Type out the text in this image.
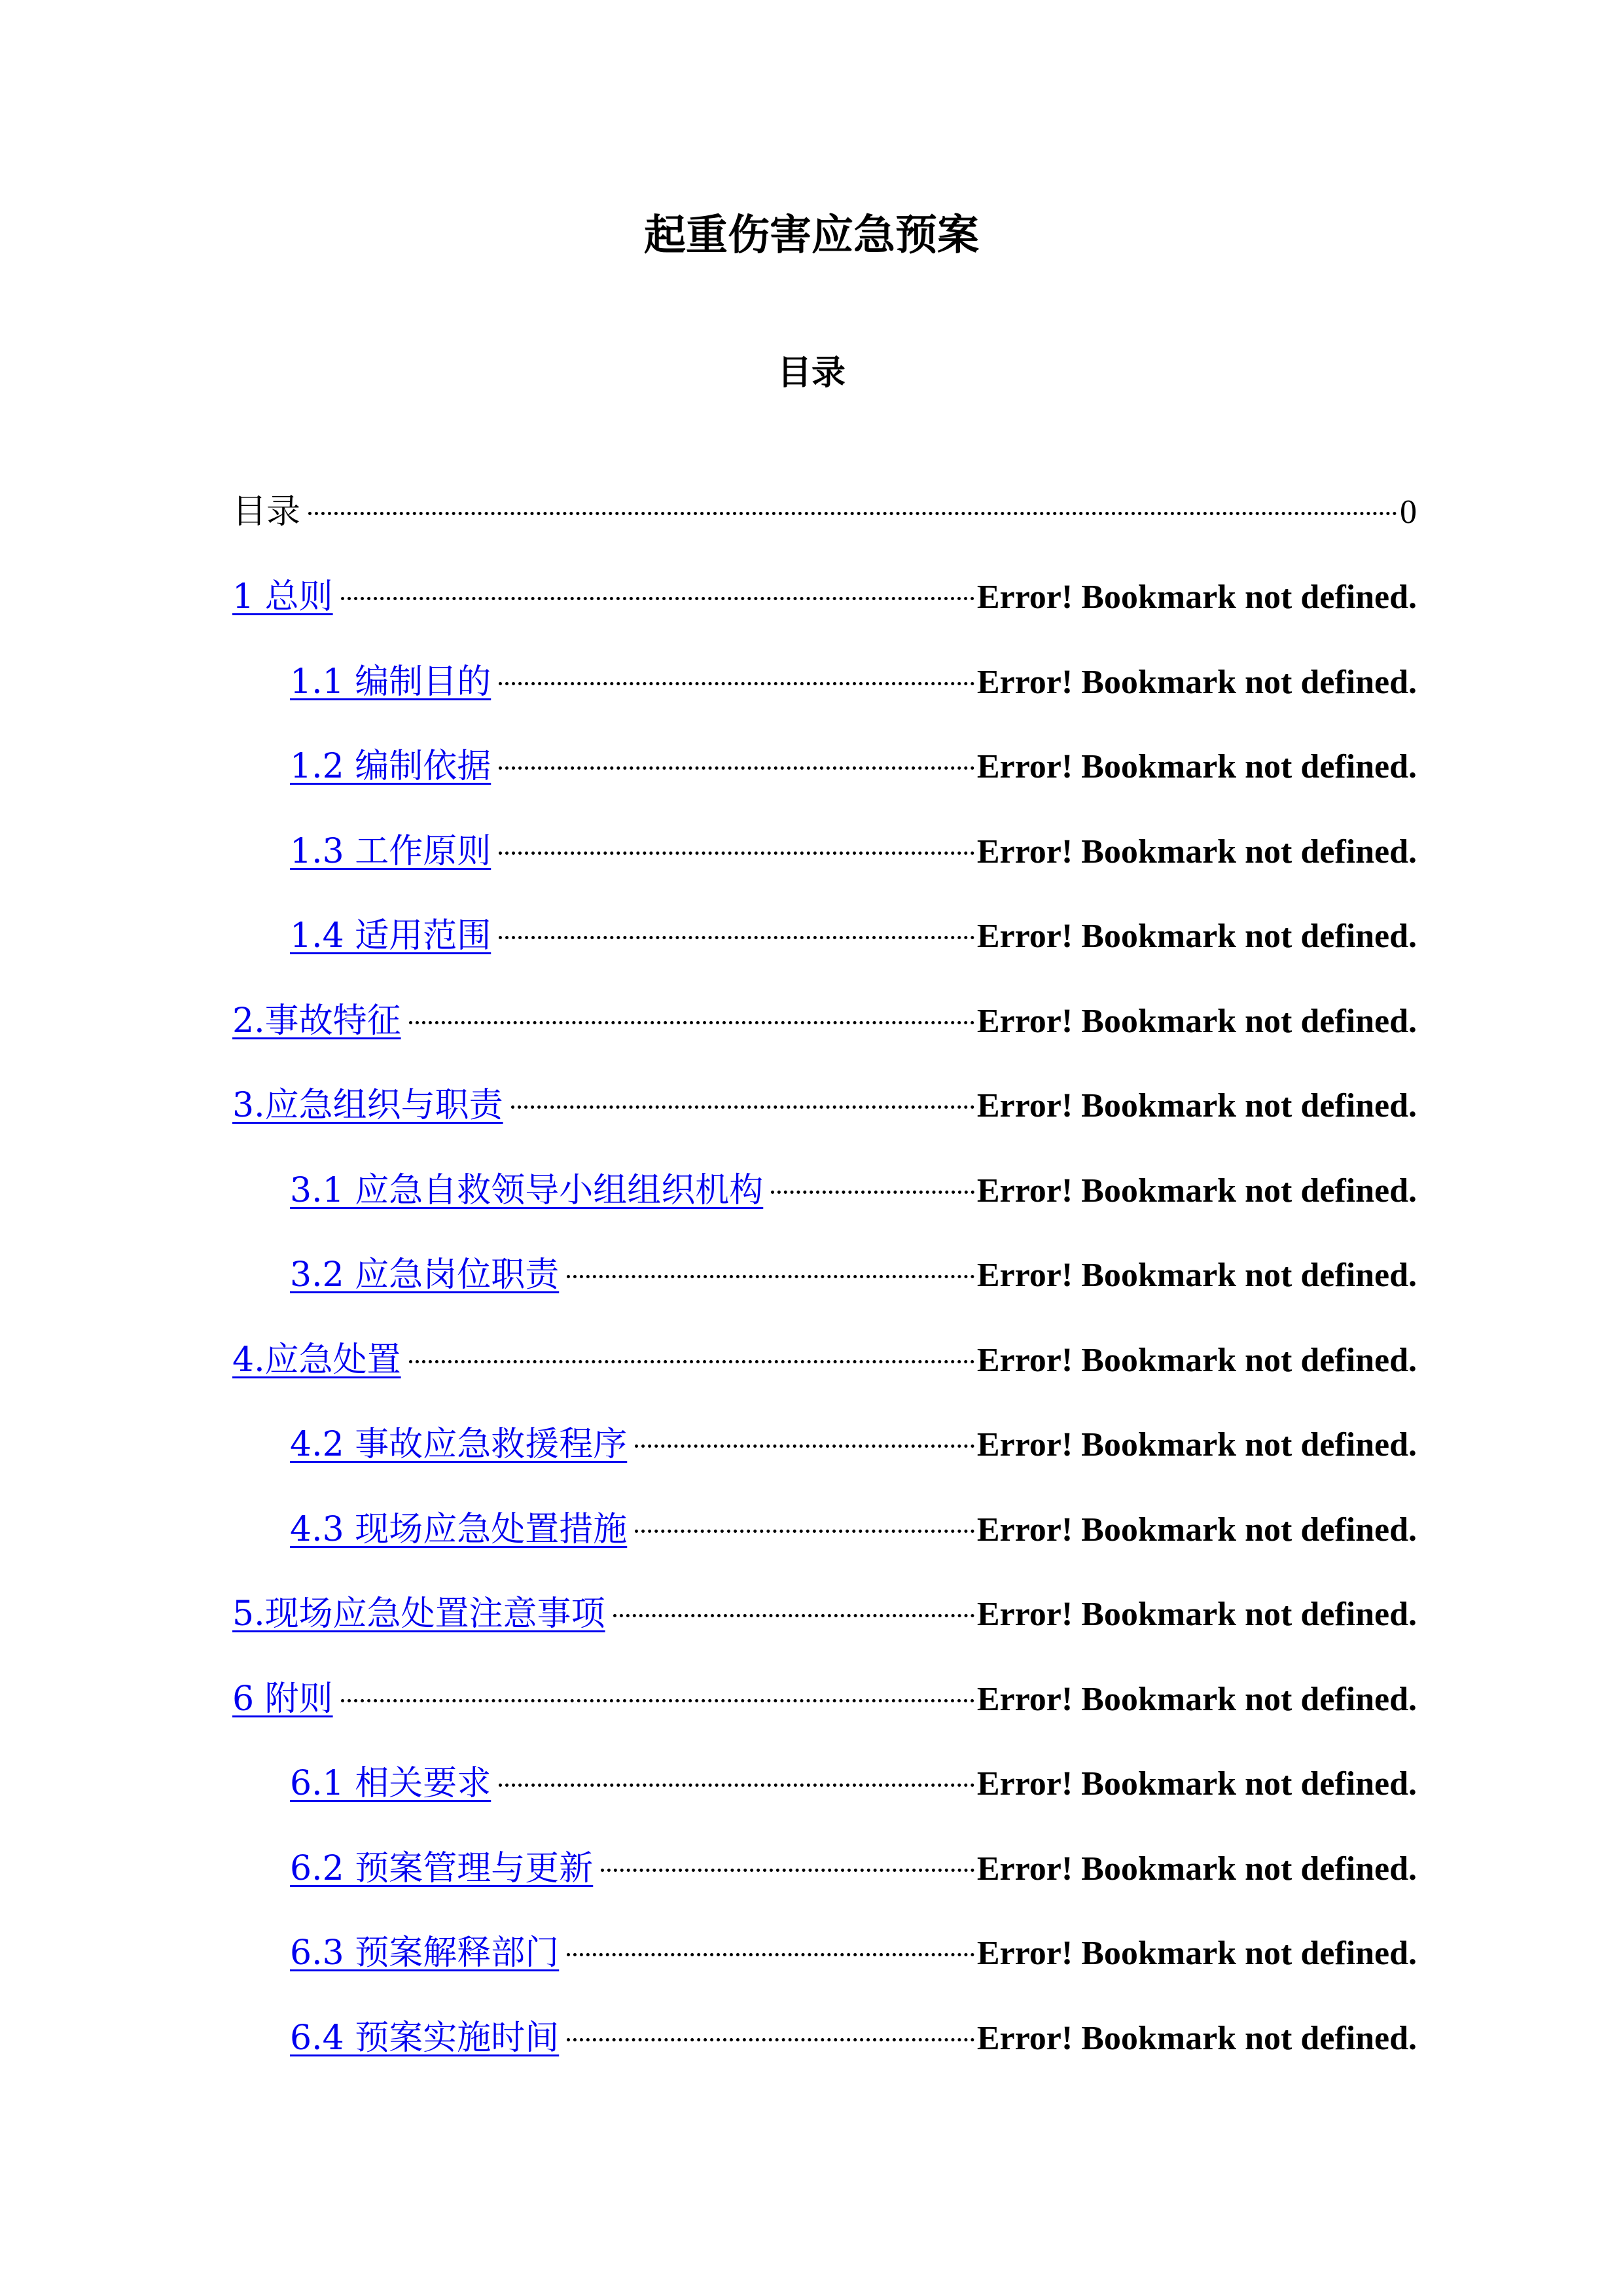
起重伤害应急预案
目录
目录	0
1 总则	Error! Bookmark not defined.
1.1 编制目的	Error! Bookmark not defined.
1.2 编制依据	Error! Bookmark not defined.
1.3 工作原则	Error! Bookmark not defined.
1.4 适用范围	Error! Bookmark not defined.
2.事故特征	Error! Bookmark not defined.
3.应急组织与职责	Error! Bookmark not defined.
3.1 应急自救领导小组组织机构	Error! Bookmark not defined.
3.2 应急岗位职责	Error! Bookmark not defined.
4.应急处置	Error! Bookmark not defined.
4.2 事故应急救援程序	Error! Bookmark not defined.
4.3 现场应急处置措施	Error! Bookmark not defined.
5.现场应急处置注意事项	Error! Bookmark not defined.
6 附则	Error! Bookmark not defined.
6.1 相关要求	Error! Bookmark not defined.
6.2 预案管理与更新	Error! Bookmark not defined.
6.3 预案解释部门	Error! Bookmark not defined.
6.4 预案实施时间	Error! Bookmark not defined.
